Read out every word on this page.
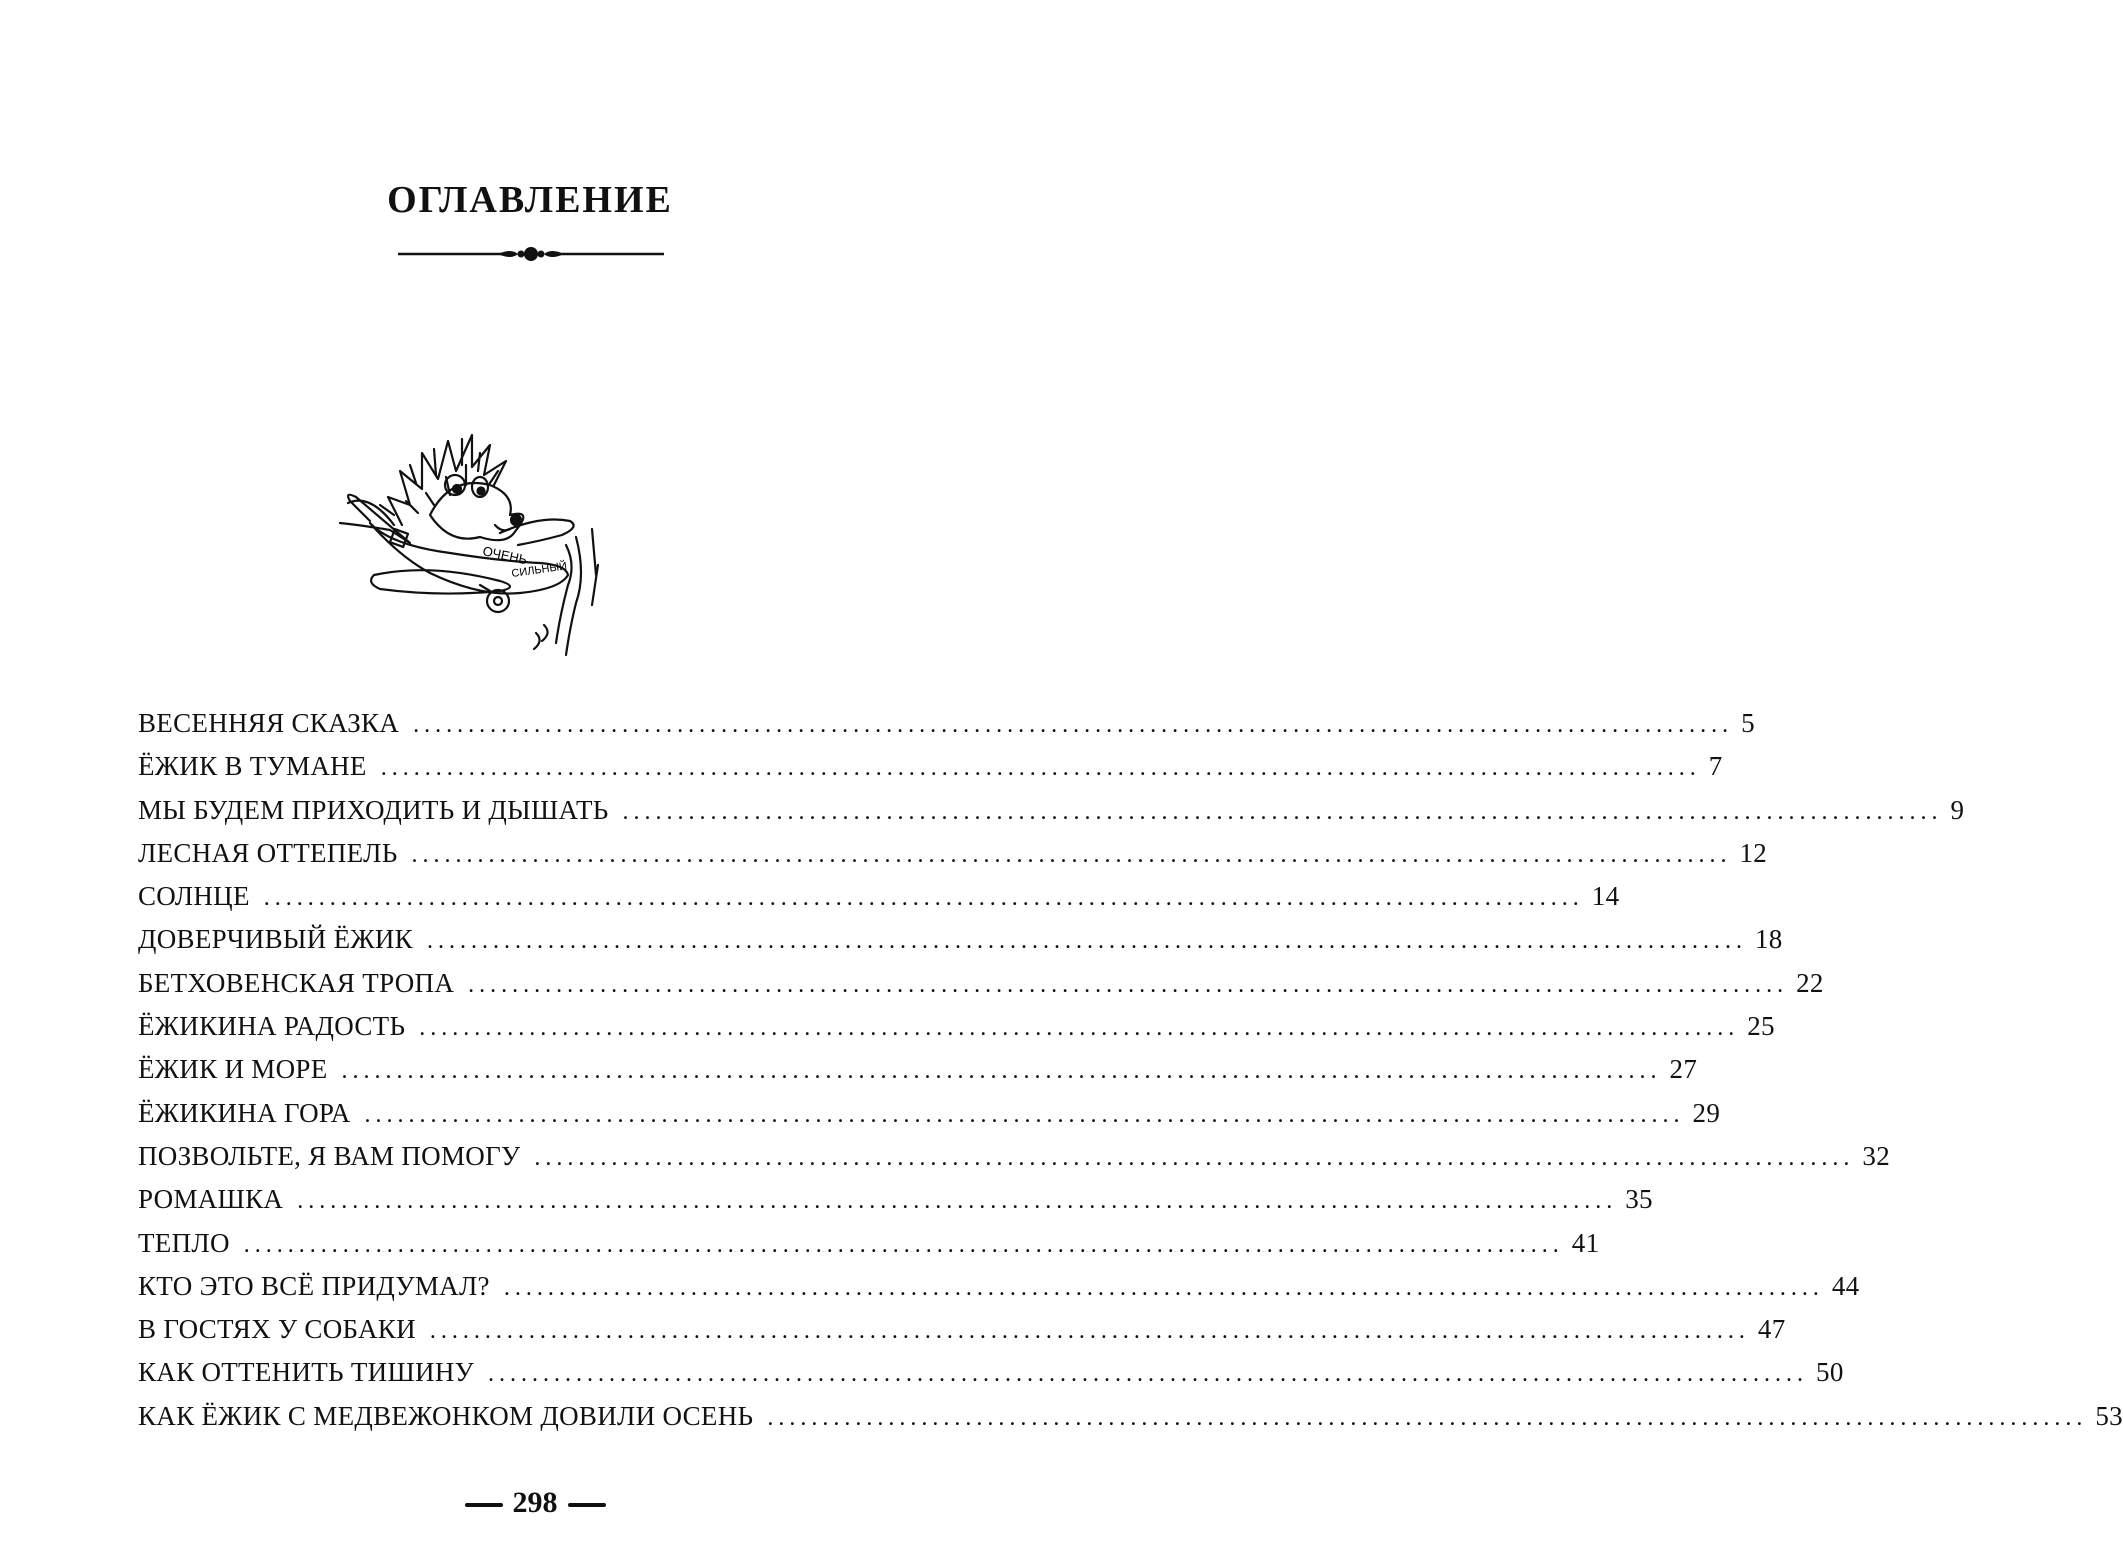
ОГЛАВЛЕНИЕ
ОЧЕНЬ
СИЛЬНЫЙ
ВЕСЕННЯЯ СКАЗКА ........................................................................................................................ 5
ЁЖИК В ТУМАНЕ ........................................................................................................................ 7
МЫ БУДЕМ ПРИХОДИТЬ И ДЫШАТЬ ........................................................................................................................ 9
ЛЕСНАЯ ОТТЕПЕЛЬ ........................................................................................................................ 12
СОЛНЦЕ ........................................................................................................................ 14
ДОВЕРЧИВЫЙ ЁЖИК ........................................................................................................................ 18
БЕТХОВЕНСКАЯ ТРОПА ........................................................................................................................ 22
ЁЖИКИНА РАДОСТЬ ........................................................................................................................ 25
ЁЖИК И МОРЕ ........................................................................................................................ 27
ЁЖИКИНА ГОРА ........................................................................................................................ 29
ПОЗВОЛЬТЕ, Я ВАМ ПОМОГУ ........................................................................................................................ 32
РОМАШКА ........................................................................................................................ 35
ТЕПЛО ........................................................................................................................ 41
КТО ЭТО ВСЁ ПРИДУМАЛ? ........................................................................................................................ 44
В ГОСТЯХ У СОБАКИ ........................................................................................................................ 47
КАК ОТТЕНИТЬ ТИШИНУ ........................................................................................................................ 50
КАК ЁЖИК С МЕДВЕЖОНКОМ ДОВИЛИ ОСЕНЬ ........................................................................................................................ 53
298
